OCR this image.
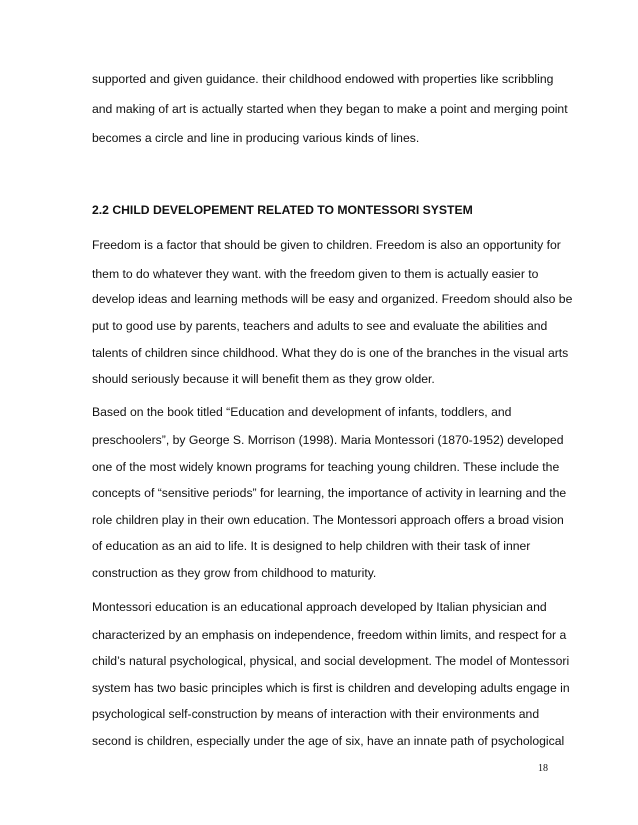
supported and given guidance. their childhood endowed with properties like scribbling
and making of art is actually started when they began to make a point and merging point
becomes a circle and line in producing various kinds of lines.
2.2 CHILD DEVELOPEMENT RELATED TO MONTESSORI SYSTEM
Freedom is a factor that should be given to children. Freedom is also an opportunity for
them to do whatever they want. with the freedom given to them is actually easier to
develop ideas and learning methods will be easy and organized. Freedom should also be
put to good use by parents, teachers and adults to see and evaluate the abilities and
talents of children since childhood. What they do is one of the branches in the visual arts
should seriously because it will benefit them as they grow older.
Based on the book titled “Education and development of infants, toddlers, and
preschoolers”, by George S. Morrison (1998). Maria Montessori (1870-1952) developed
one of the most widely known programs for teaching young children. These include the
concepts of “sensitive periods” for learning, the importance of activity in learning and the
role children play in their own education. The Montessori approach offers a broad vision
of education as an aid to life. It is designed to help children with their task of inner
construction as they grow from childhood to maturity.
Montessori education is an educational approach developed by Italian physician and
characterized by an emphasis on independence, freedom within limits, and respect for a
child’s natural psychological, physical, and social development. The model of Montessori
system has two basic principles which is first is children and developing adults engage in
psychological self-construction by means of interaction with their environments and
second is children, especially under the age of six, have an innate path of psychological
18
